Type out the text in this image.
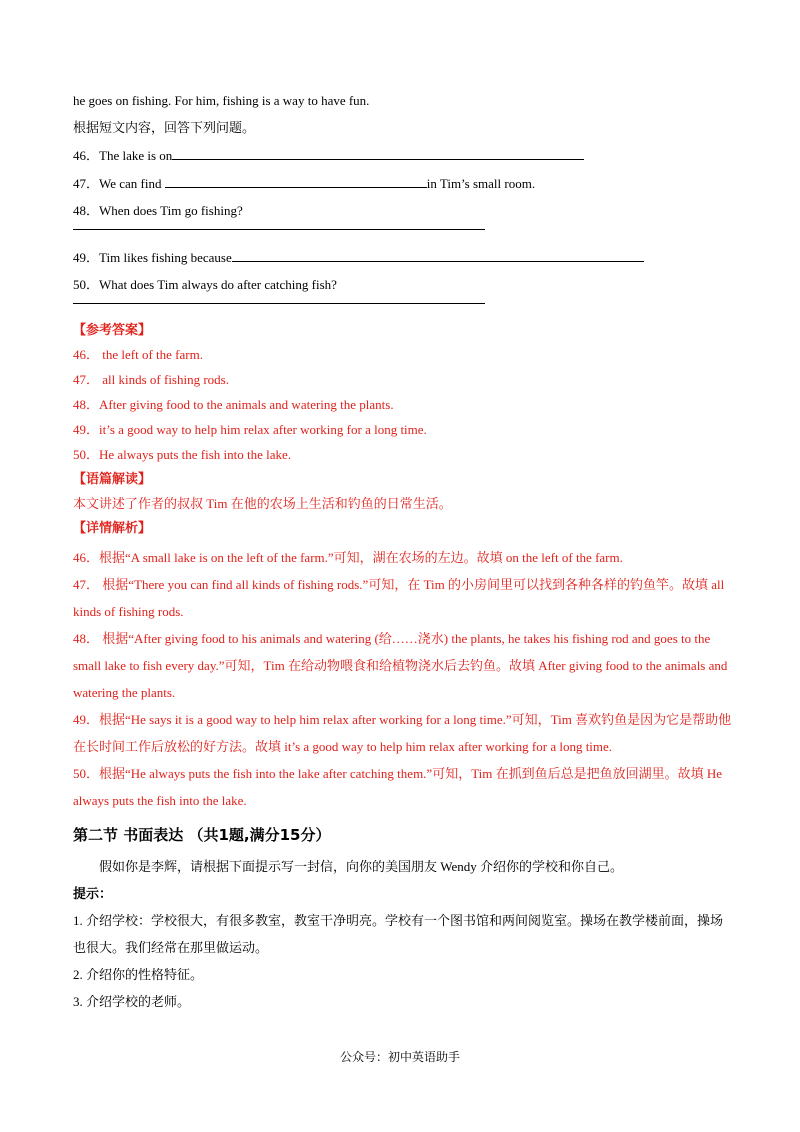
he goes on fishing. For him, fishing is a way to have fun.
根据短文内容，回答下列问题。
46．The lake is on
47．We can find	in Tim’s small room.
48．When does Tim go fishing?
49．Tim likes fishing because
50．What does Tim always do after catching fish?
【参考答案】
46． the left of the farm.
47． all kinds of fishing rods.
48．After giving food to the animals and watering the plants.
49．it’s a good way to help him relax after working for a long time.
50．He always puts the fish into the lake.
【语篇解读】
本文讲述了作者的叔叔 Tim 在他的农场上生活和钓鱼的日常生活。
【详情解析】
46．根据“A small lake is on the left of the farm.”可知，湖在农场的左边。故填 on the left of the farm.
47． 根据“There you can find all kinds of fishing rods.”可知，在 Tim 的小房间里可以找到各种各样的钓鱼竿。故填 all kinds of fishing rods.
48． 根据“After giving food to his animals and watering (给……浇水) the plants, he takes his fishing rod and goes to the small lake to fish every day.”可知，Tim 在给动物喂食和给植物浇水后去钓鱼。故填 After giving food to the animals and watering the plants.
49．根据“He says it is a good way to help him relax after working for a long time.”可知，Tim 喜欢钓鱼是因为它是帮助他在长时间工作后放松的好方法。故填 it’s a good way to help him relax after working for a long time.
50．根据“He always puts the fish into the lake after catching them.”可知，Tim 在抓到鱼后总是把鱼放回湖里。故填 He always puts the fish into the lake.
第二节 书面表达 （共1题,满分15分）
假如你是李辉，请根据下面提示写一封信，向你的美国朋友 Wendy 介绍你的学校和你自己。
提示：
1. 介绍学校：学校很大，有很多教室，教室干净明亮。学校有一个图书馆和两间阅览室。操场在教学楼前面，操场也很大。我们经常在那里做运动。
2. 介绍你的性格特征。
3. 介绍学校的老师。
公众号：初中英语助手
